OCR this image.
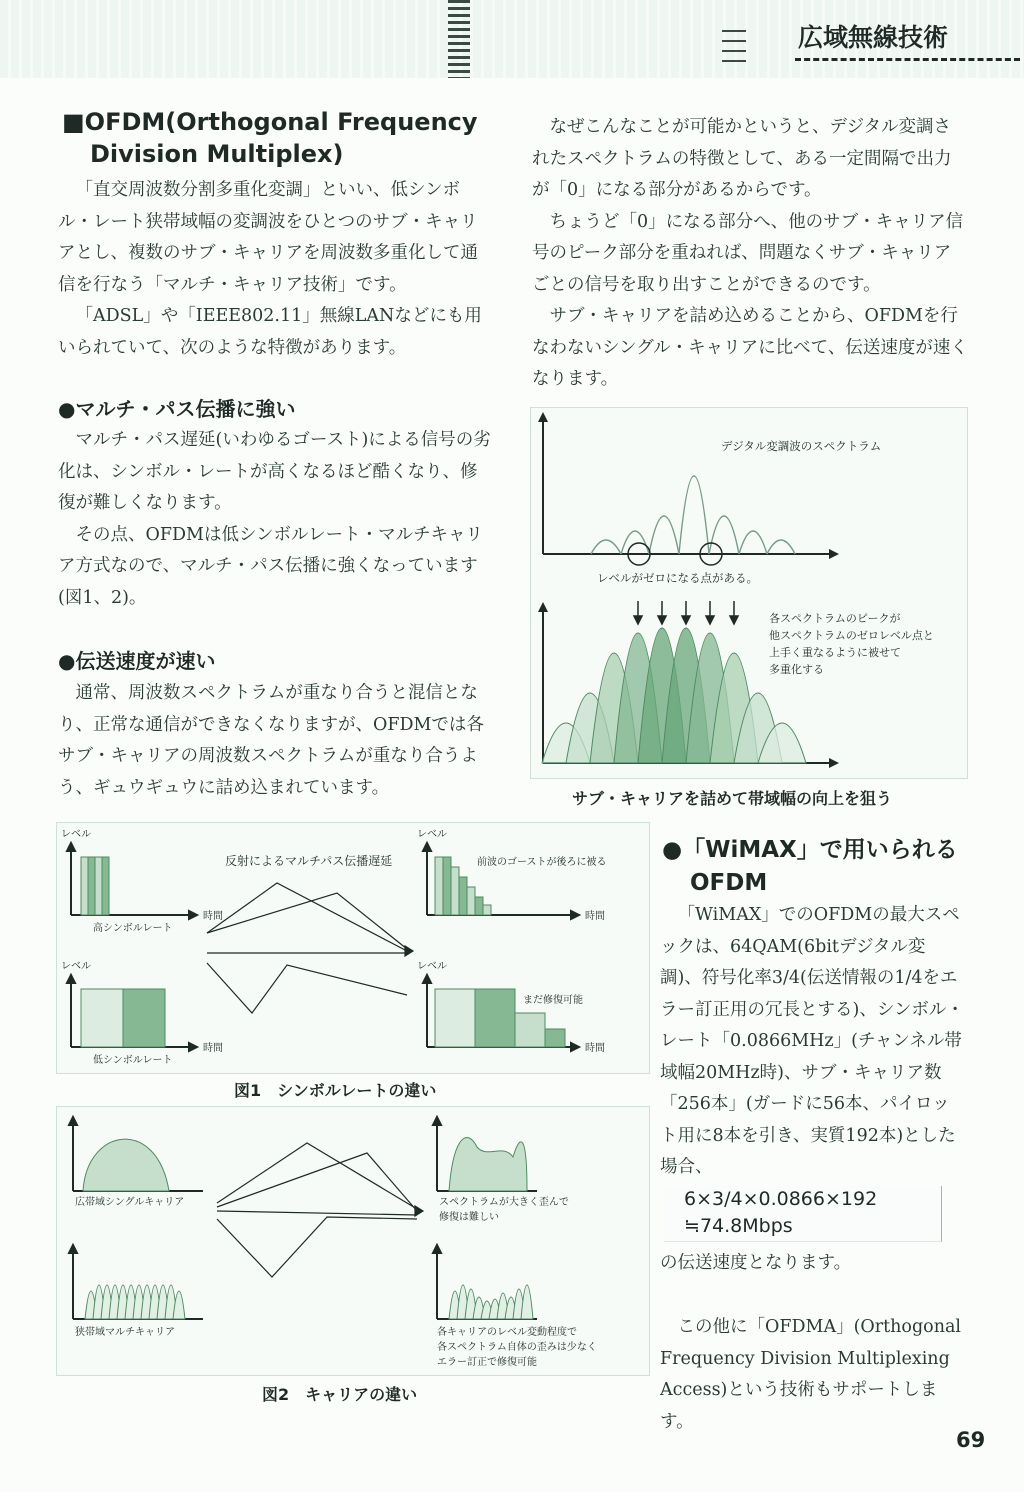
広域無線技術
■OFDM(Orthogonal Frequency
Division Multiplex)

「直交周波数分割多重化変調」といい、低シンボル・レート狭帯域幅の変調波をひとつのサブ・キャリアとし、複数のサブ・キャリアを周波数多重化して通信を行なう「マルチ・キャリア技術」です。

「ADSL」や「IEEE802.11」無線LANなどにも用いられていて、次のような特徴があります。

●マルチ・パス伝播に強い

マルチ・パス遅延(いわゆるゴースト)による信号の劣化は、シンボル・レートが高くなるほど酷くなり、修復が難しくなります。

その点、OFDMは低シンボルレート・マルチキャリア方式なので、マルチ・パス伝播に強くなっています(図1、2)。

●伝送速度が速い

通常、周波数スペクトラムが重なり合うと混信となり、正常な通信ができなくなりますが、OFDMでは各サブ・キャリアの周波数スペクトラムが重なり合うよう、ギュウギュウに詰め込まれています。

なぜこんなことが可能かというと、デジタル変調されたスペクトラムの特徴として、ある一定間隔で出力が「0」になる部分があるからです。

ちょうど「0」になる部分へ、他のサブ・キャリア信号のピーク部分を重ねれば、問題なくサブ・キャリアごとの信号を取り出すことができるのです。

サブ・キャリアを詰め込めることから、OFDMを行なわないシングル・キャリアに比べて、伝送速度が速くなります。

デジタル変調波のスペクトラム
レベルがゼロになる点がある。
各スペクトラムのピークが
他スペクトラムのゼロレベル点と
上手く重なるように被せて
多重化する
サブ・キャリアを詰めて帯域幅の向上を狙う
●「WiMAX」で用いられる
OFDM

「WiMAX」でのOFDMの最大スペックは、64QAM(6bitデジタル変調)、符号化率3/4(伝送情報の1/4をエラー訂正用の冗長とする)、シンボル・レート「0.0866MHz」(チャンネル帯域幅20MHz時)、サブ・キャリア数「256本」(ガードに56本、パイロット用に8本を引き、実質192本)とした場合、

6×3/4×0.0866×192
≒74.8Mbps
の伝送速度となります。

この他に「OFDMA」(Orthogonal Frequency Division Multiplexing Access)という技術もサポートします。

レベル
レベル
レベル
レベル
時間
時間
時間
時間
高シンボルレート
低シンボルレート
反射によるマルチパス伝播遅延	前波のゴーストが後ろに被る
まだ修復可能
図1　シンボルレートの違い
広帯域シングルキャリア
狭帯域マルチキャリア
スペクトラムが大きく歪んで
修復は難しい
各キャリアのレベル変動程度で
各スペクトラム自体の歪みは少なく
エラー訂正で修復可能
図2　キャリアの違い
69
